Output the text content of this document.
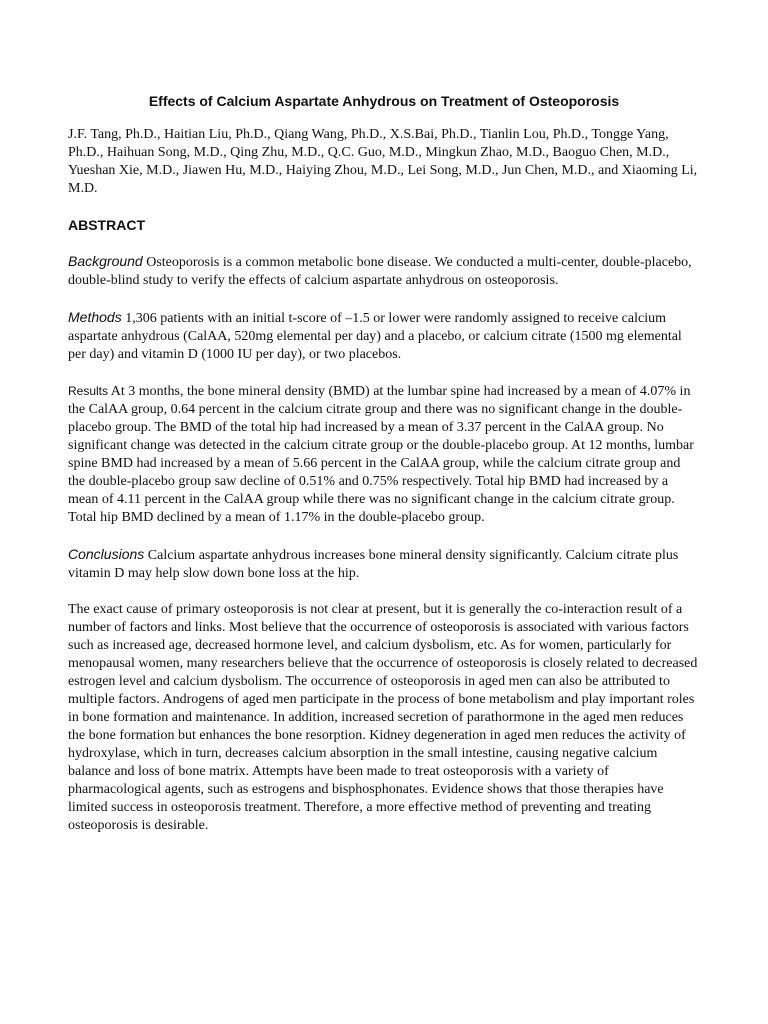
Effects of Calcium Aspartate Anhydrous on Treatment of Osteoporosis

J.F. Tang, Ph.D., Haitian Liu, Ph.D., Qiang Wang, Ph.D., X.S.Bai, Ph.D., Tianlin Lou, Ph.D., Tongge Yang, Ph.D., Haihuan Song, M.D., Qing Zhu, M.D., Q.C. Guo, M.D., Mingkun Zhao, M.D., Baoguo Chen, M.D., Yueshan Xie, M.D., Jiawen Hu, M.D., Haiying Zhou, M.D., Lei Song, M.D., Jun Chen, M.D., and Xiaoming Li, M.D.

ABSTRACT

Background Osteoporosis is a common metabolic bone disease. We conducted a multi-center, double-placebo, double-blind study to verify the effects of calcium aspartate anhydrous on osteoporosis.

Methods 1,306 patients with an initial t-score of –1.5 or lower were randomly assigned to receive calcium aspartate anhydrous (CalAA, 520mg elemental per day) and a placebo, or calcium citrate (1500 mg elemental per day) and vitamin D (1000 IU per day), or two placebos.

Results At 3 months, the bone mineral density (BMD) at the lumbar spine had increased by a mean of 4.07% in the CalAA group, 0.64 percent in the calcium citrate group and there was no significant change in the double-placebo group. The BMD of the total hip had increased by a mean of 3.37 percent in the CalAA group. No significant change was detected in the calcium citrate group or the double-placebo group. At 12 months, lumbar spine BMD had increased by a mean of 5.66 percent in the CalAA group, while the calcium citrate group and the double-placebo group saw decline of 0.51% and 0.75% respectively. Total hip BMD had increased by a mean of 4.11 percent in the CalAA group while there was no significant change in the calcium citrate group. Total hip BMD declined by a mean of 1.17% in the double-placebo group.

Conclusions Calcium aspartate anhydrous increases bone mineral density significantly. Calcium citrate plus vitamin D may help slow down bone loss at the hip.

The exact cause of primary osteoporosis is not clear at present, but it is generally the co-interaction result of a number of factors and links. Most believe that the occurrence of osteoporosis is associated with various factors such as increased age, decreased hormone level, and calcium dysbolism, etc. As for women, particularly for menopausal women, many researchers believe that the occurrence of osteoporosis is closely related to decreased estrogen level and calcium dysbolism. The occurrence of osteoporosis in aged men can also be attributed to multiple factors. Androgens of aged men participate in the process of bone metabolism and play important roles in bone formation and maintenance. In addition, increased secretion of parathormone in the aged men reduces the bone formation but enhances the bone resorption. Kidney degeneration in aged men reduces the activity of hydroxylase, which in turn, decreases calcium absorption in the small intestine, causing negative calcium balance and loss of bone matrix. Attempts have been made to treat osteoporosis with a variety of pharmacological agents, such as estrogens and bisphosphonates. Evidence shows that those therapies have limited success in osteoporosis treatment. Therefore, a more effective method of preventing and treating osteoporosis is desirable.
